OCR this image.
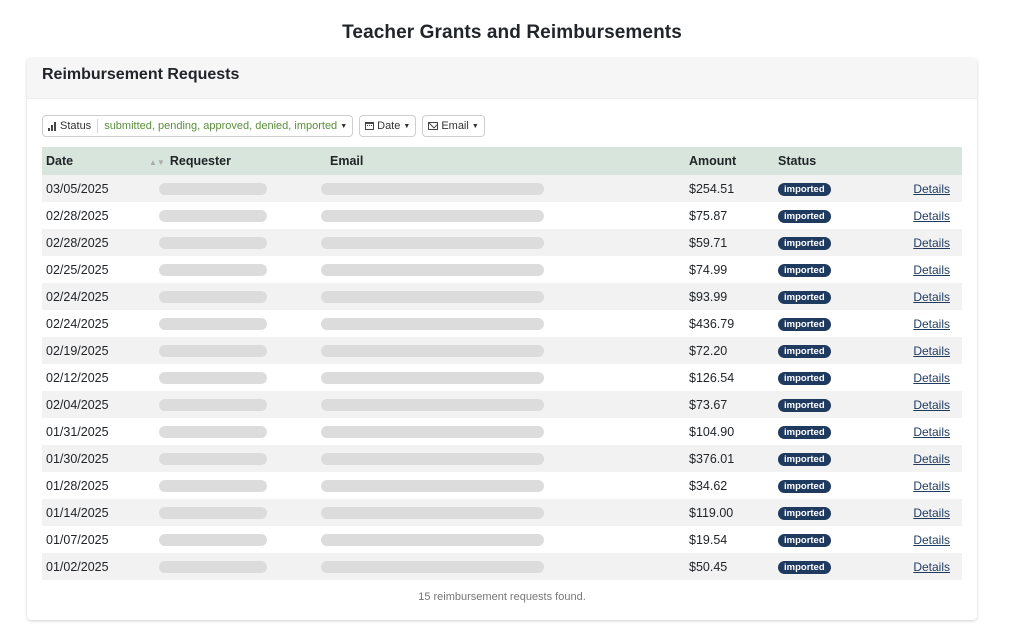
Teacher Grants and Reimbursements
Reimbursement Requests
Status submitted, pending, approved, denied, imported ▼	Date ▼	Email ▼
Date	▲▼ Requester	Email	Amount	Status	
03/05/2025			$254.51	imported	Details
02/28/2025			$75.87	imported	Details
02/28/2025			$59.71	imported	Details
02/25/2025			$74.99	imported	Details
02/24/2025			$93.99	imported	Details
02/24/2025			$436.79	imported	Details
02/19/2025			$72.20	imported	Details
02/12/2025			$126.54	imported	Details
02/04/2025			$73.67	imported	Details
01/31/2025			$104.90	imported	Details
01/30/2025			$376.01	imported	Details
01/28/2025			$34.62	imported	Details
01/14/2025			$119.00	imported	Details
01/07/2025			$19.54	imported	Details
01/02/2025			$50.45	imported	Details
15 reimbursement requests found.
